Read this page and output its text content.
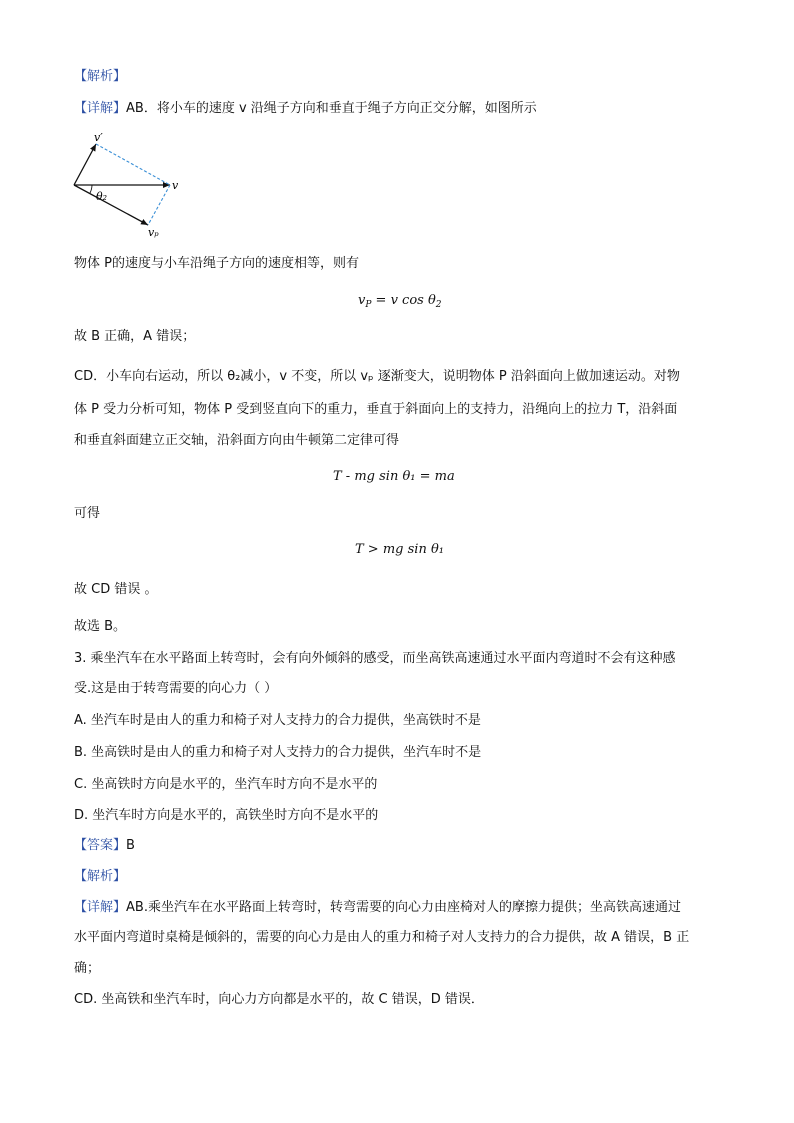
【解析】
【详解】AB．将小车的速度 v 沿绳子方向和垂直于绳子方向正交分解，如图所示
v′
v
θ₂
vₚ
物体 P的速度与小车沿绳子方向的速度相等，则有
$v_P = v$ $\cos \theta_2$
故 B 正确，A 错误；
CD．小车向右运动，所以 θ₂减小，v 不变，所以 vₚ 逐渐变大，说明物体 P 沿斜面向上做加速运动。对物
体 P 受力分析可知，物体 P 受到竖直向下的重力，垂直于斜面向上的支持力，沿绳向上的拉力 T，沿斜面
和垂直斜面建立正交轴，沿斜面方向由牛顿第二定律可得
T - mg sin θ₁ = ma
可得
T > mg sin θ₁
故 CD 错误 。
故选 B。
3. 乘坐汽车在水平路面上转弯时，会有向外倾斜的感受，而坐高铁高速通过水平面内弯道时不会有这种感
受.这是由于转弯需要的向心力（ ）
A. 坐汽车时是由人的重力和椅子对人支持力的合力提供，坐高铁时不是
B. 坐高铁时是由人的重力和椅子对人支持力的合力提供，坐汽车时不是
C. 坐高铁时方向是水平的，坐汽车时方向不是水平的
D. 坐汽车时方向是水平的，高铁坐时方向不是水平的
【答案】B
【解析】
【详解】AB.乘坐汽车在水平路面上转弯时，转弯需要的向心力由座椅对人的摩擦力提供；坐高铁高速通过
水平面内弯道时桌椅是倾斜的，需要的向心力是由人的重力和椅子对人支持力的合力提供，故 A 错误，B 正
确；
CD. 坐高铁和坐汽车时，向心力方向都是水平的，故 C 错误，D 错误．
